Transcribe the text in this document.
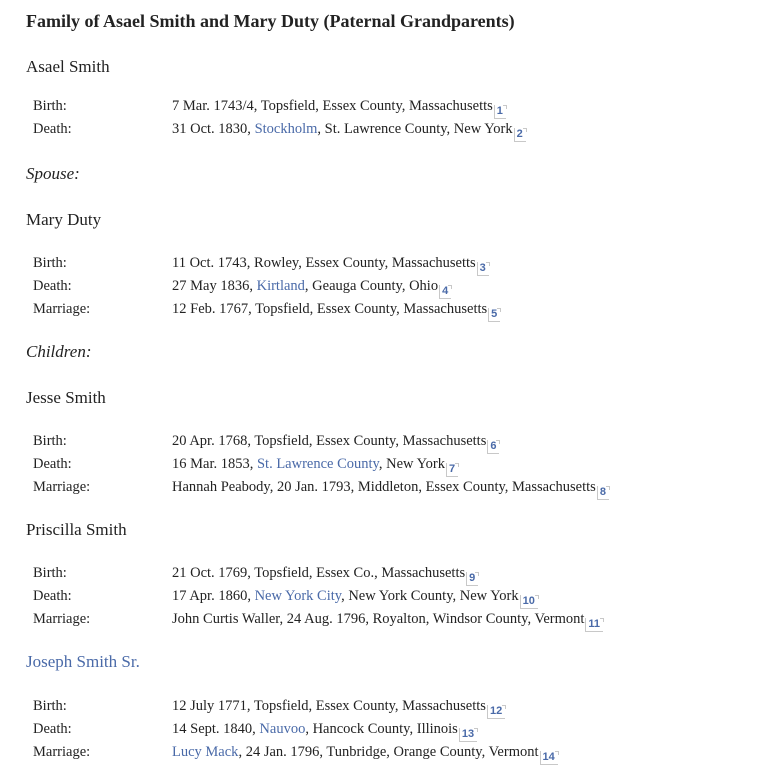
Family of Asael Smith and Mary Duty (Paternal Grandparents)
Asael Smith
Birth:	7 Mar. 1743/4, Topsfield, Essex County, Massachusetts 1
Death:	31 Oct. 1830, Stockholm, St. Lawrence County, New York 2
Spouse:
Mary Duty
Birth:	11 Oct. 1743, Rowley, Essex County, Massachusetts 3
Death:	27 May 1836, Kirtland, Geauga County, Ohio 4
Marriage:	12 Feb. 1767, Topsfield, Essex County, Massachusetts 5
Children:
Jesse Smith
Birth:	20 Apr. 1768, Topsfield, Essex County, Massachusetts 6
Death:	16 Mar. 1853, St. Lawrence County, New York 7
Marriage:	Hannah Peabody, 20 Jan. 1793, Middleton, Essex County, Massachusetts 8
Priscilla Smith
Birth:	21 Oct. 1769, Topsfield, Essex Co., Massachusetts 9
Death:	17 Apr. 1860, New York City, New York County, New York 10
Marriage:	John Curtis Waller, 24 Aug. 1796, Royalton, Windsor County, Vermont 11
Joseph Smith Sr.
Birth:	12 July 1771, Topsfield, Essex County, Massachusetts 12
Death:	14 Sept. 1840, Nauvoo, Hancock County, Illinois 13
Marriage:	Lucy Mack, 24 Jan. 1796, Tunbridge, Orange County, Vermont 14
